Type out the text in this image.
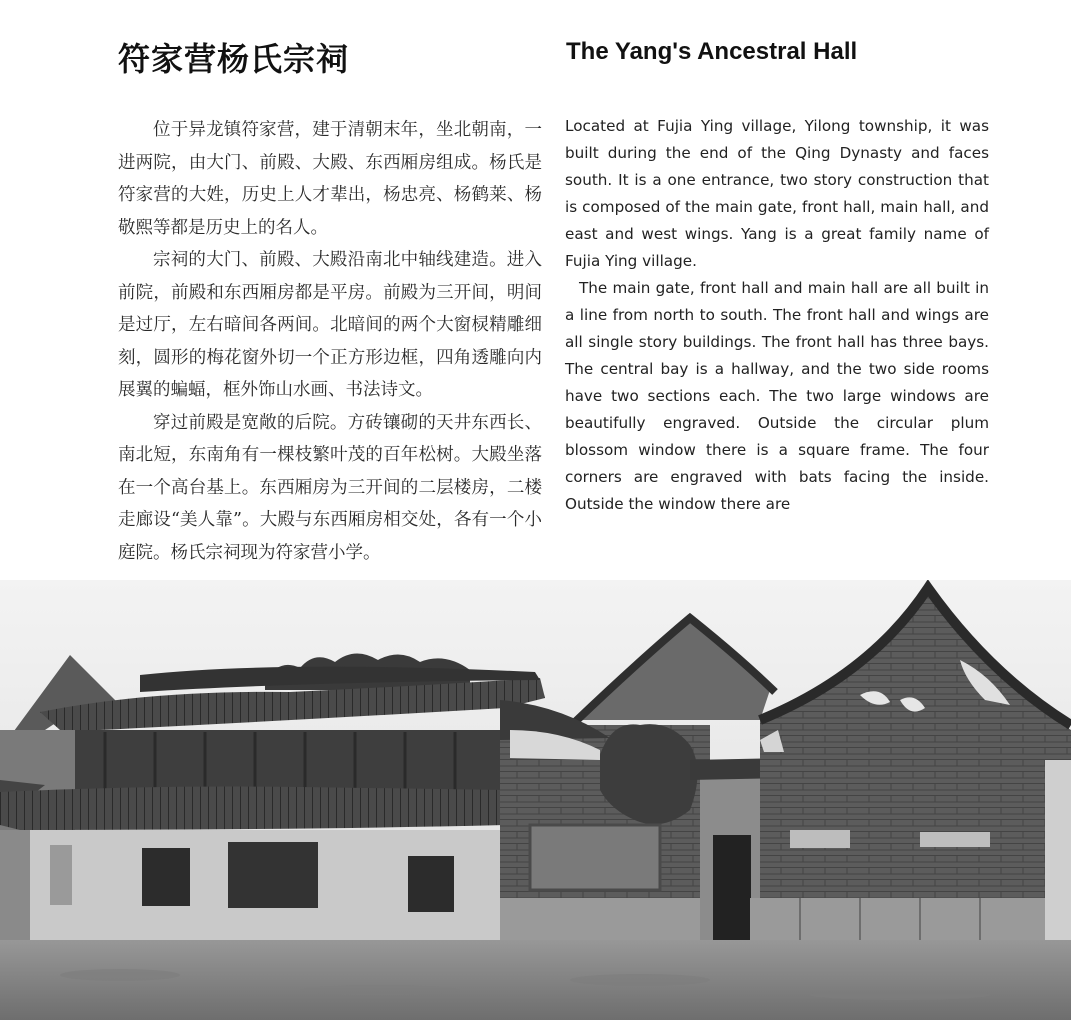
符家营杨氏宗祠	The Yang's Ancestral Hall

位于异龙镇符家营，建于清朝末年，坐北朝南，一进两院，由大门、前殿、大殿、东西厢房组成。杨氏是符家营的大姓，历史上人才辈出，杨忠亮、杨鹤莱、杨敬熙等都是历史上的名人。

宗祠的大门、前殿、大殿沿南北中轴线建造。进入前院，前殿和东西厢房都是平房。前殿为三开间，明间是过厅，左右暗间各两间。北暗间的两个大窗棂精雕细刻，圆形的梅花窗外切一个正方形边框，四角透雕向内展翼的蝙蝠，框外饰山水画、书法诗文。

穿过前殿是宽敞的后院。方砖镶砌的天井东西长、南北短，东南角有一棵枝繁叶茂的百年松树。大殿坐落在一个高台基上。东西厢房为三开间的二层楼房，二楼走廊设“美人靠”。大殿与东西厢房相交处，各有一个小庭院。杨氏宗祠现为符家营小学。

Located at Fujia Ying village, Yilong township, it was built during the end of the Qing Dynasty and faces south. It is a one entrance, two story construction that is composed of the main gate, front hall, main hall, and east and west wings. Yang is a great family name of Fujia Ying village.

The main gate, front hall and main hall are all built in a line from north to south. The front hall and wings are all single story buildings. The front hall has three bays. The central bay is a hallway, and the two side rooms have two sections each. The two large windows are beautifully engraved. Outside the circular plum blossom window there is a square frame. The four corners are engraved with bats facing the inside. Outside the window there are
